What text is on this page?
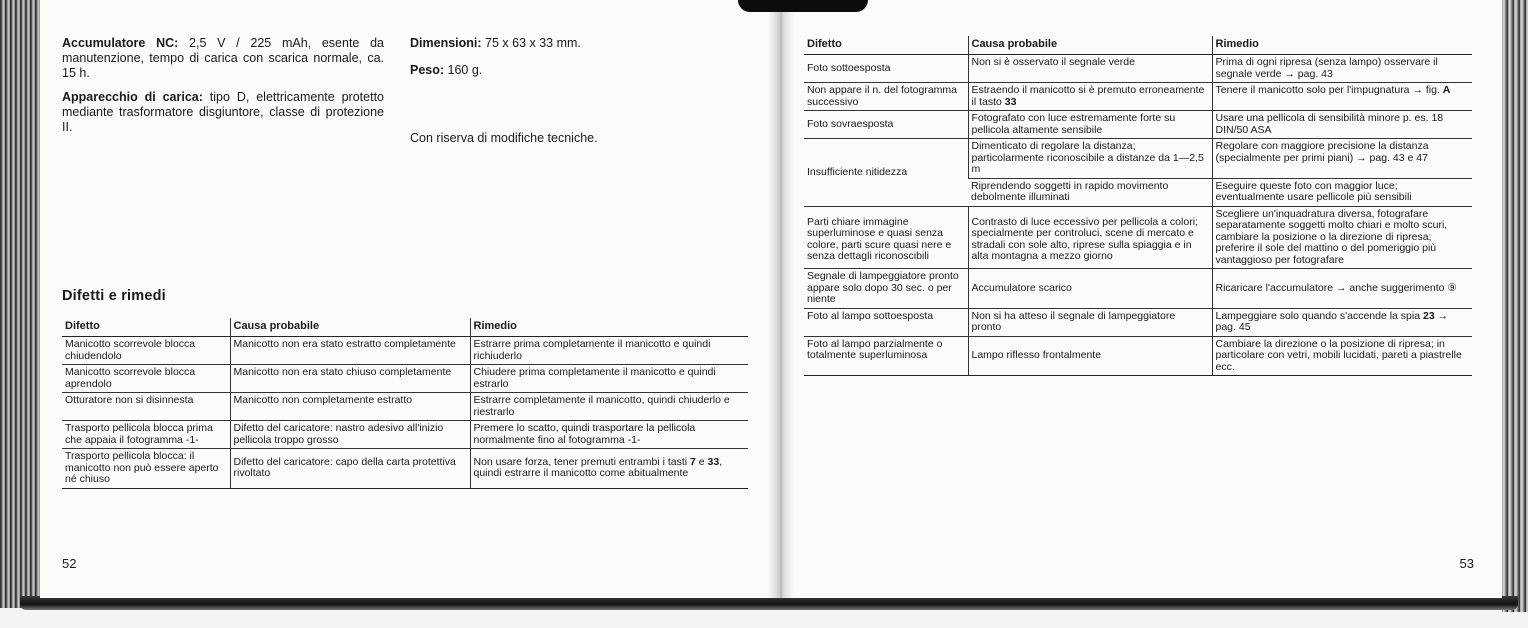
Accumulatore NC: 2,5 V / 225 mAh, esente da manutenzione, tempo di carica con scarica normale, ca. 15 h.

Apparecchio di carica: tipo D, elettricamente protetto mediante trasformatore disgiuntore, classe di protezione II.

Dimensioni: 75 x 63 x 33 mm.

Peso: 160 g.

Con riserva di modifiche tecniche.
Difetti e rimedi
Difetto	Causa probabile	Rimedio
Manicotto scorrevole blocca chiudendolo	Manicotto non era stato estratto completamente	Estrarre prima completamente il manicotto e quindi richiuderlo
Manicotto scorrevole blocca aprendolo	Manicotto non era stato chiuso completamente	Chiudere prima completamente il manicotto e quindi estrarlo
Otturatore non si disinnesta	Manicotto non completamente estratto	Estrarre completamente il manicotto, quindi chiuderlo e riestrarlo
Trasporto pellicola blocca prima che appaia il fotogramma -1-	Difetto del caricatore: nastro adesivo all'inizio pellicola troppo grosso	Premere lo scatto, quindi trasportare la pellicola normalmente fino al fotogramma -1-
Trasporto pellicola blocca: il manicotto non può essere aperto né chiuso	Difetto del caricatore: capo della carta protettiva rivoltato	Non usare forza, tener premuti entrambi i tasti 7 e 33, quindi estrarre il manicotto come abitualmente
52
Difetto	Causa probabile	Rimedio
Foto sottoesposta	Non si è osservato il segnale verde	Prima di ogni ripresa (senza lampo) osservare il segnale verde → pag. 43
Non appare il n. del fotogramma successivo	Estraendo il manicotto si è premuto erroneamente il tasto 33	Tenere il manicotto solo per l'impugnatura → fig. A
Foto sovraesposta	Fotografato con luce estremamente forte su pellicola altamente sensibile	Usare una pellicola di sensibilità minore p. es. 18 DIN/50 ASA
Insufficiente nitidezza	Dimenticato di regolare la distanza; particolarmente riconoscibile a distanze da 1—2,5 m	Regolare con maggiore precisione la distanza (specialmente per primi piani) → pag. 43 e 47
	Riprendendo soggetti in rapido movimento debolmente illuminati	Eseguire queste foto con maggior luce; eventualmente usare pellicole più sensibili
Parti chiare immagine superluminose e quasi senza colore, parti scure quasi nere e senza dettagli riconoscibili	Contrasto di luce eccessivo per pellicola a colori; specialmente per controluci, scene di mercato e stradali con sole alto, riprese sulla spiaggia e in alta montagna a mezzo giorno	Scegliere un'inquadratura diversa, fotografare separatamente soggetti molto chiari e molto scuri, cambiare la posizione o la direzione di ripresa; preferire il sole del mattino o del pomeriggio più vantaggioso per fotografare
Segnale di lampeggiatore pronto appare solo dopo 30 sec. o per niente	Accumulatore scarico	Ricaricare l'accumulatore → anche suggerimento ⑨
Foto al lampo sottoesposta	Non si ha atteso il segnale di lampeggiatore pronto	Lampeggiare solo quando s'accende la spia 23 → pag. 45
Foto al lampo parzialmente o totalmente superluminosa	Lampo riflesso frontalmente	Cambiare la direzione o la posizione di ripresa; in particolare con vetri, mobili lucidati, pareti a piastrelle ecc.
53
